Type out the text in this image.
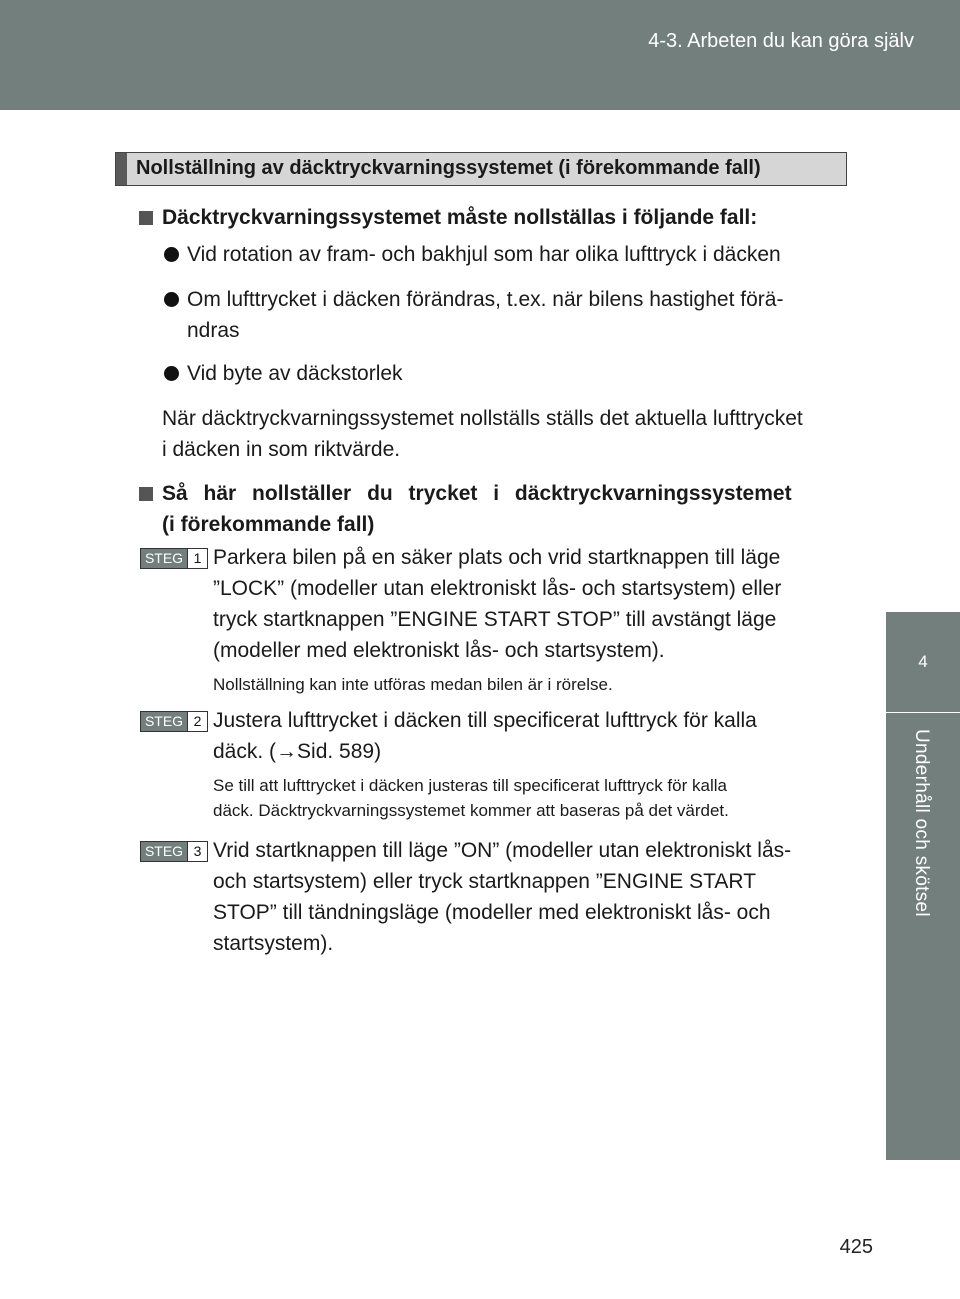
4-3. Arbeten du kan göra själv
4
Underhåll och skötsel
Nollställning av däcktryckvarningssystemet (i förekommande fall)
Däcktryckvarningssystemet måste nollställas i följande fall:
Vid rotation av fram- och bakhjul som har olika lufttryck i däcken
Om lufttrycket i däcken förändras, t.ex. när bilens hastighet förä-
ndras
Vid byte av däckstorlek
När däcktryckvarningssystemet nollställs ställs det aktuella lufttrycket
i däcken in som riktvärde.
Så här nollställer du trycket i däcktryckvarningssystemet
(i förekommande fall)
STEG 1 Parkera bilen på en säker plats och vrid startknappen till läge
”LOCK” (modeller utan elektroniskt lås- och startsystem) eller
tryck startknappen ”ENGINE START STOP” till avstängt läge
(modeller med elektroniskt lås- och startsystem).
Nollställning kan inte utföras medan bilen är i rörelse.
STEG 2 Justera lufttrycket i däcken till specificerat lufttryck för kalla
däck. (→Sid. 589)
Se till att lufttrycket i däcken justeras till specificerat lufttryck för kalla
däck. Däcktryckvarningssystemet kommer att baseras på det värdet.
STEG 3 Vrid startknappen till läge ”ON” (modeller utan elektroniskt lås-
och startsystem) eller tryck startknappen ”ENGINE START
STOP” till tändningsläge (modeller med elektroniskt lås- och
startsystem).
425
